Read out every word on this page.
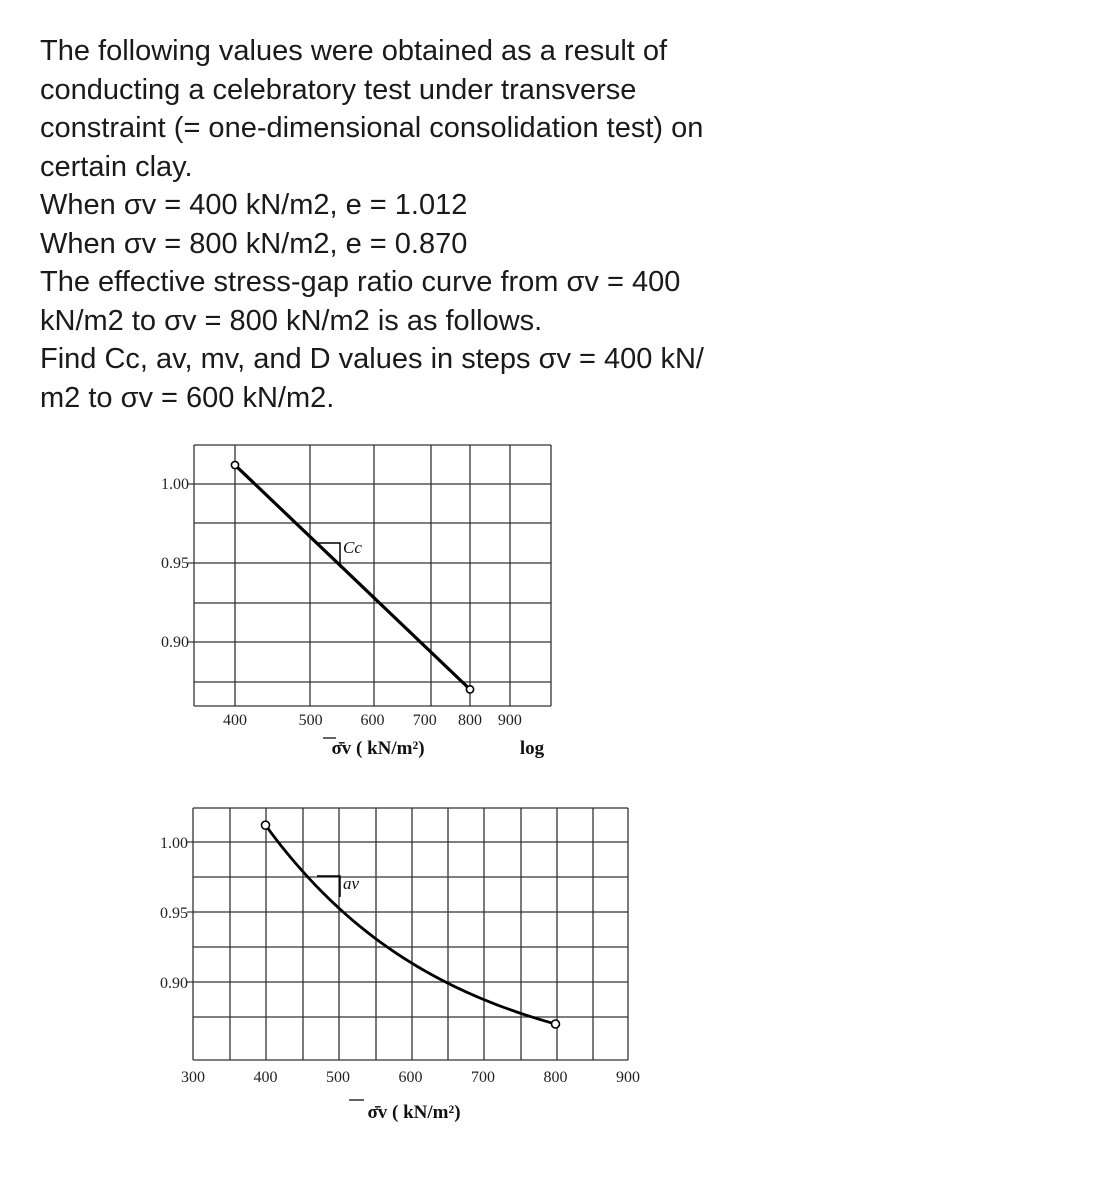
The following values were obtained as a result of

conducting a celebratory test under transverse

constraint (= one-dimensional consolidation test) on

certain clay.

When σv = 400 kN/m2, e = 1.012

When σv = 800 kN/m2, e = 0.870

The effective stress-gap ratio curve from σv = 400

kN/m2 to σv = 800 kN/m2 is as follows.

Find Cc, av, mv, and D values in steps σv = 400 kN/

m2 to σv = 600 kN/m2.

1.00
0.95
0.90
400	500 600 700 800 900
σ̄v ( kN/m²)	log
Cc
1.00
0.95
0.90
300	400	500	600	700	800	900
σ̄v ( kN/m²)
av
